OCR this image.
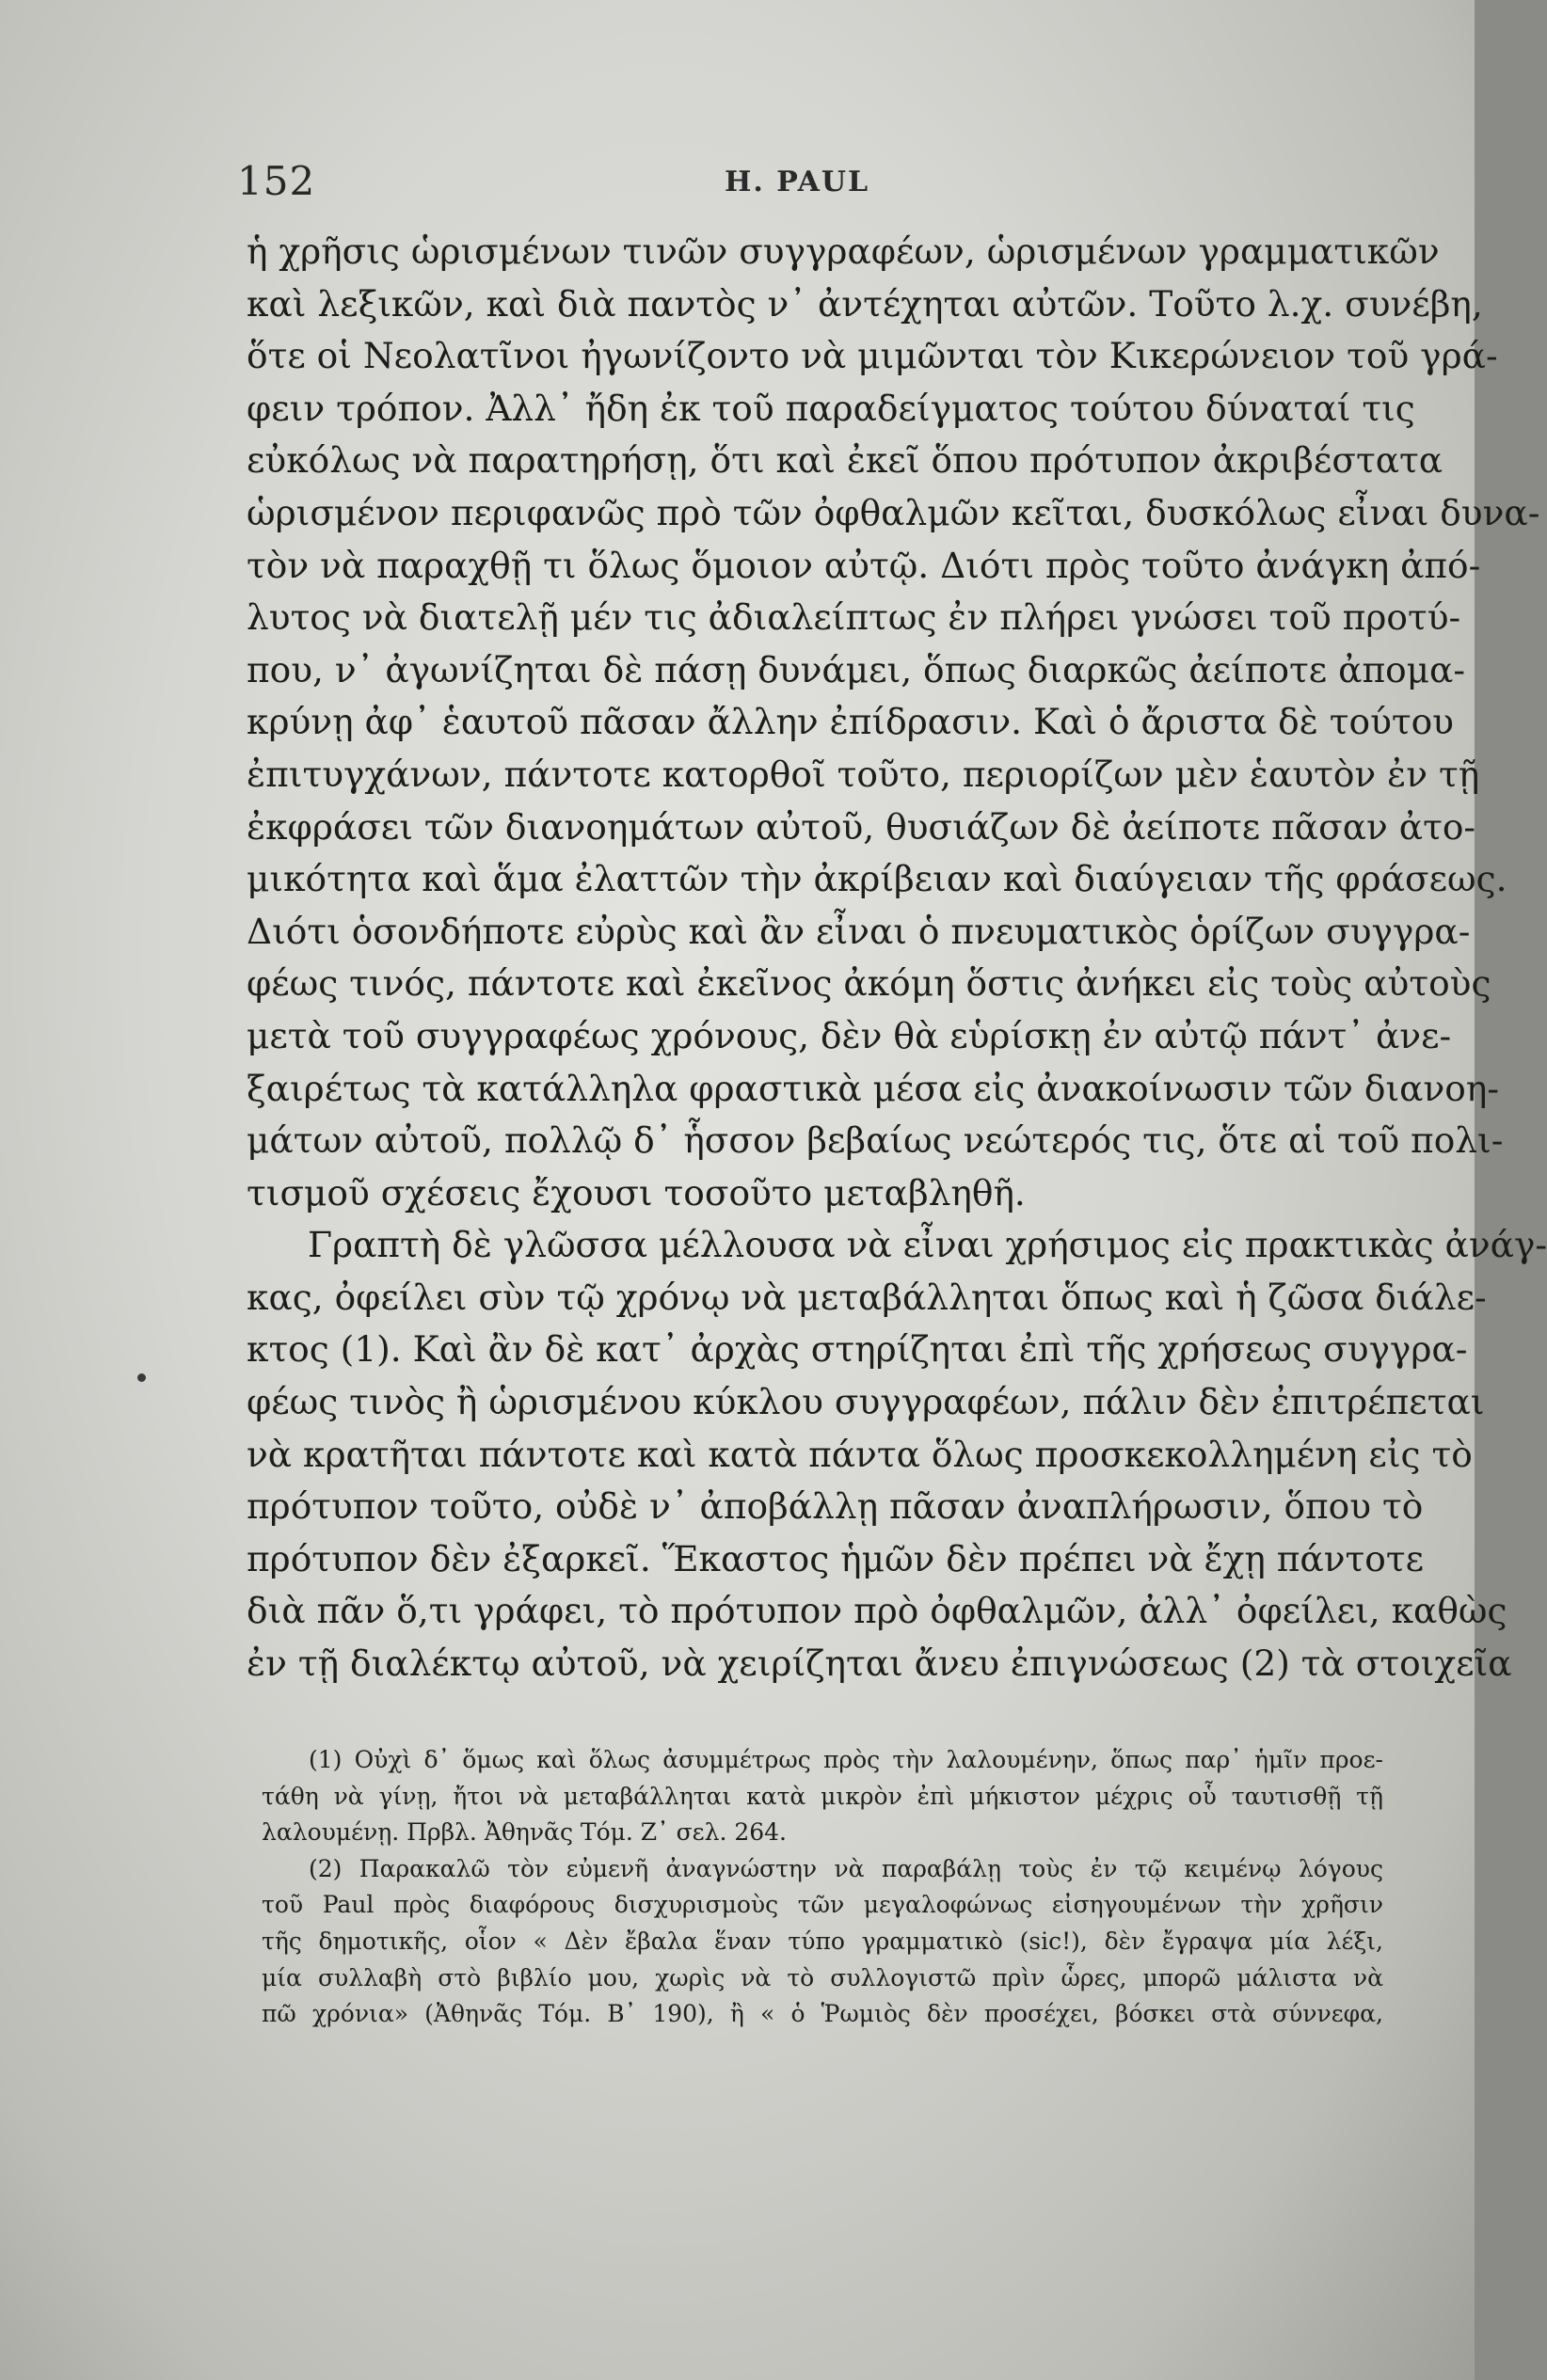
152	H. PAUL
ἡ χρῆσις ὡρισμένων τινῶν συγγραφέων, ὡρισμένων γραμματικῶν
καὶ λεξικῶν, καὶ διὰ παντὸς ν᾽ ἀντέχηται αὐτῶν. Τοῦτο λ.χ. συνέβη,
ὅτε οἱ Νεολατῖνοι ἠγωνίζοντο νὰ μιμῶνται τὸν Κικερώνειον τοῦ γρά-
φειν τρόπον. Ἀλλ᾽ ἤδη ἐκ τοῦ παραδείγματος τούτου δύναταί τις
εὐκόλως νὰ παρατηρήσῃ, ὅτι καὶ ἐκεῖ ὅπου πρότυπον ἀκριβέστατα
ὡρισμένον περιφανῶς πρὸ τῶν ὀφθαλμῶν κεῖται, δυσκόλως εἶναι δυνα-
τὸν νὰ παραχθῇ τι ὅλως ὅμοιον αὐτῷ. Διότι πρὸς τοῦτο ἀνάγκη ἀπό-
λυτος νὰ διατελῇ μέν τις ἀδιαλείπτως ἐν πλήρει γνώσει τοῦ προτύ-
που, ν᾽ ἀγωνίζηται δὲ πάσῃ δυνάμει, ὅπως διαρκῶς ἀείποτε ἀπομα-
κρύνῃ ἀφ᾽ ἑαυτοῦ πᾶσαν ἄλλην ἐπίδρασιν. Καὶ ὁ ἄριστα δὲ τούτου
ἐπιτυγχάνων, πάντοτε κατορθοῖ τοῦτο, περιορίζων μὲν ἑαυτὸν ἐν τῇ
ἐκφράσει τῶν διανοημάτων αὐτοῦ, θυσιάζων δὲ ἀείποτε πᾶσαν ἀτο-
μικότητα καὶ ἅμα ἐλαττῶν τὴν ἀκρίβειαν καὶ διαύγειαν τῆς φράσεως.
Διότι ὁσονδήποτε εὐρὺς καὶ ἂν εἶναι ὁ πνευματικὸς ὁρίζων συγγρα-
φέως τινός, πάντοτε καὶ ἐκεῖνος ἀκόμη ὅστις ἀνήκει εἰς τοὺς αὐτοὺς
μετὰ τοῦ συγγραφέως χρόνους, δὲν θὰ εὑρίσκῃ ἐν αὐτῷ πάντ᾽ ἀνε-
ξαιρέτως τὰ κατάλληλα φραστικὰ μέσα εἰς ἀνακοίνωσιν τῶν διανοη-
μάτων αὐτοῦ, πολλῷ δ᾽ ἧσσον βεβαίως νεώτερός τις, ὅτε αἱ τοῦ πολι-
τισμοῦ σχέσεις ἔχουσι τοσοῦτο μεταβληθῆ.
Γραπτὴ δὲ γλῶσσα μέλλουσα νὰ εἶναι χρήσιμος εἰς πρακτικὰς ἀνάγ-
κας, ὀφείλει σὺν τῷ χρόνῳ νὰ μεταβάλληται ὅπως καὶ ἡ ζῶσα διάλε-
κτος (1). Καὶ ἂν δὲ κατ᾽ ἀρχὰς στηρίζηται ἐπὶ τῆς χρήσεως συγγρα-
φέως τινὸς ἢ ὡρισμένου κύκλου συγγραφέων, πάλιν δὲν ἐπιτρέπεται
νὰ κρατῆται πάντοτε καὶ κατὰ πάντα ὅλως προσκεκολλημένη εἰς τὸ
πρότυπον τοῦτο, οὐδὲ ν᾽ ἀποβάλλῃ πᾶσαν ἀναπλήρωσιν, ὅπου τὸ
πρότυπον δὲν ἐξαρκεῖ. Ἕκαστος ἡμῶν δὲν πρέπει νὰ ἔχῃ πάντοτε
διὰ πᾶν ὅ,τι γράφει, τὸ πρότυπον πρὸ ὀφθαλμῶν, ἀλλ᾽ ὀφείλει, καθὼς
ἐν τῇ διαλέκτῳ αὐτοῦ, νὰ χειρίζηται ἄνευ ἐπιγνώσεως (2) τὰ στοιχεῖα
(1) Οὐχὶ δ᾽ ὅμως καὶ ὅλως ἀσυμμέτρως πρὸς τὴν λαλουμένην, ὅπως παρ᾽ ἡμῖν προε-
τάθη νὰ γίνῃ, ἤτοι νὰ μεταβάλληται κατὰ μικρὸν ἐπὶ μήκιστον μέχρις οὗ ταυτισθῇ τῇ
λαλουμένῃ. Πρβλ. Ἀθηνᾶς Τόμ. Ζ᾽ σελ. 264.
(2) Παρακαλῶ τὸν εὐμενῆ ἀναγνώστην νὰ παραβάλῃ τοὺς ἐν τῷ κειμένῳ λόγους
τοῦ Paul πρὸς διαφόρους δισχυρισμοὺς τῶν μεγαλοφώνως εἰσηγουμένων τὴν χρῆσιν
τῆς δημοτικῆς, οἷον « Δὲν ἔβαλα ἕναν τύπο γραμματικὸ (sic!), δὲν ἔγραψα μία λέξι,
μία συλλαβὴ στὸ βιβλίο μου, χωρὶς νὰ τὸ συλλογιστῶ πρὶν ὧρες, μπορῶ μάλιστα νὰ
πῶ χρόνια» (Ἀθηνᾶς Τόμ. Β᾽ 190), ἢ « ὁ Ῥωμιὸς δὲν προσέχει, βόσκει στὰ σύννεφα,
